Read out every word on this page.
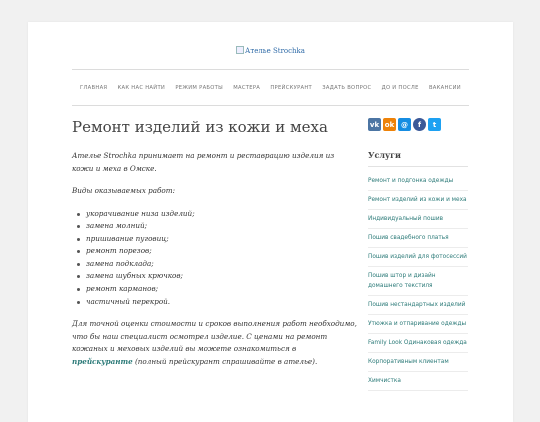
Ателье Strochka
ГЛАВНАЯ КАК НАС НАЙТИ РЕЖИМ РАБОТЫ МАСТЕРА ПРЕЙСКУРАНТ ЗАДАТЬ ВОПРОС ДО И ПОСЛЕ ВАКАНСИИ
Ремонт изделий из кожи и меха

Ателье Strochka принимает на ремонт и реставрацию изделия из кожи и меха в Омске.

Виды оказываемых работ:

укорачивание низа изделий;
замена молний;
пришивание пуговиц;
ремонт порезов;
замена подклада;
замена шубных крючков;
ремонт карманов;
частичный перекрой.

Для точной оценки стоимости и сроков выполнения работ необходимо, что бы наш специалист осмотрел изделие. С ценами на ремонт кожаных и меховых изделий вы можете ознакомиться в прейскуранте (полный прейскурант спрашивайте в ателье).

vk ok @	f	t
Услуги
Ремонт и подгонка одежды
Ремонт изделий из кожи и меха
Индивидуальный пошив
Пошив свадебного платья
Пошив изделий для фотосессий
Пошив штор и дизайн домашнего текстиля
Пошив нестандартных изделий
Утюжка и отпаривание одежды
Family Look Одинаковая одежда
Корпоративным клиентам
Химчистка
